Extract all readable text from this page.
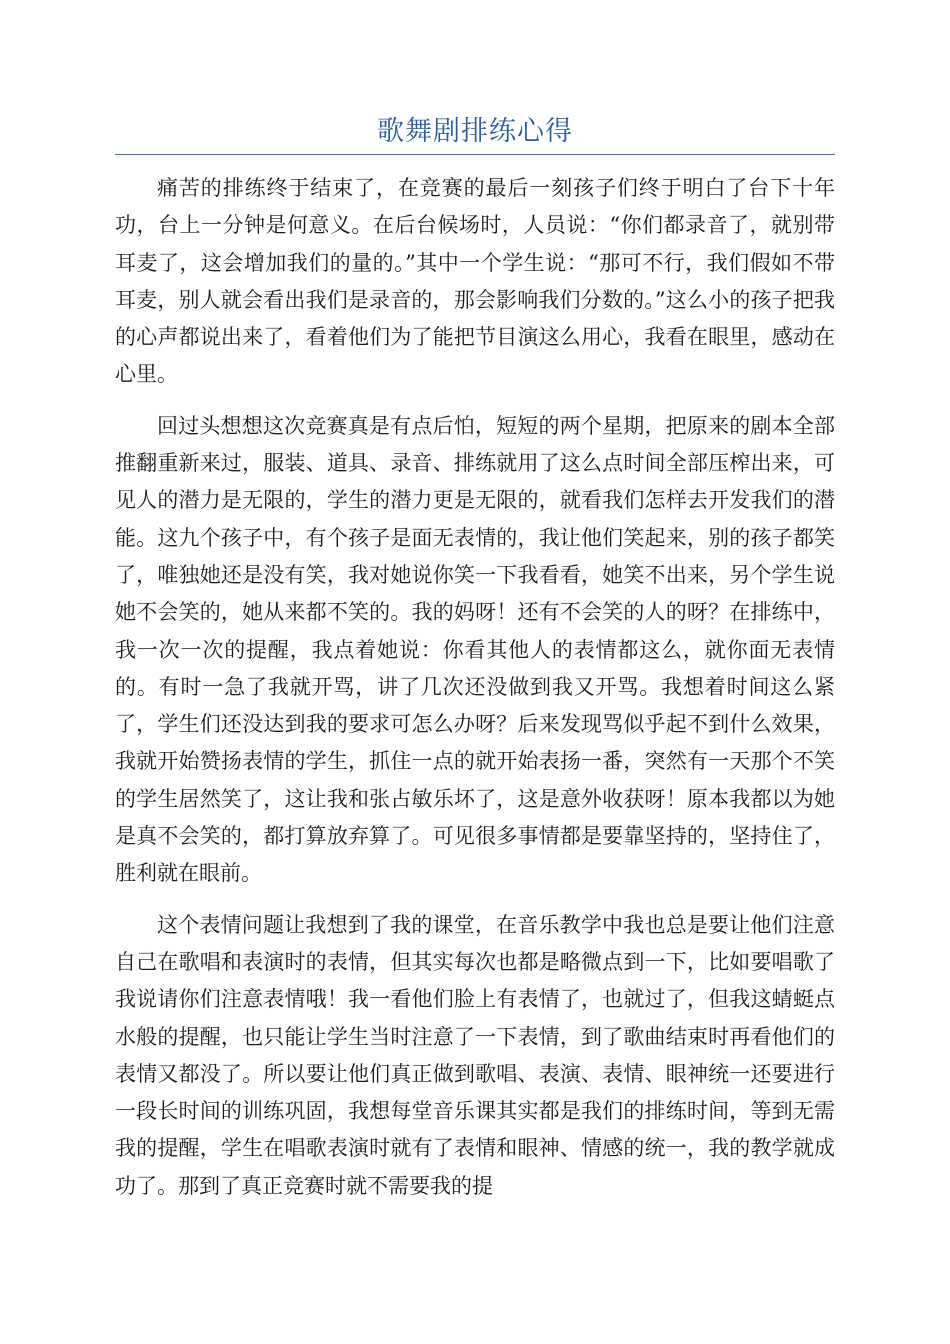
歌舞剧排练心得

痛苦的排练终于结束了，在竞赛的最后一刻孩子们终于明白了台下十年功，台上一分钟是何意义。在后台候场时，人员说：“你们都录音了，就别带耳麦了，这会增加我们的量的。”其中一个学生说：“那可不行，我们假如不带耳麦，别人就会看出我们是录音的，那会影响我们分数的。”这么小的孩子把我的心声都说出来了，看着他们为了能把节目演这么用心，我看在眼里，感动在心里。

回过头想想这次竞赛真是有点后怕，短短的两个星期，把原来的剧本全部推翻重新来过，服装、道具、录音、排练就用了这么点时间全部压榨出来，可见人的潜力是无限的，学生的潜力更是无限的，就看我们怎样去开发我们的潜能。这九个孩子中，有个孩子是面无表情的，我让他们笑起来，别的孩子都笑了，唯独她还是没有笑，我对她说你笑一下我看看，她笑不出来，另个学生说她不会笑的，她从来都不笑的。我的妈呀！还有不会笑的人的呀？在排练中，我一次一次的提醒，我点着她说：你看其他人的表情都这么，就你面无表情的。有时一急了我就开骂，讲了几次还没做到我又开骂。我想着时间这么紧了，学生们还没达到我的要求可怎么办呀？后来发现骂似乎起不到什么效果，我就开始赞扬表情的学生，抓住一点的就开始表扬一番，突然有一天那个不笑的学生居然笑了，这让我和张占敏乐坏了，这是意外收获呀！原本我都以为她是真不会笑的，都打算放弃算了。可见很多事情都是要靠坚持的，坚持住了，胜利就在眼前。

这个表情问题让我想到了我的课堂，在音乐教学中我也总是要让他们注意自己在歌唱和表演时的表情，但其实每次也都是略微点到一下，比如要唱歌了我说请你们注意表情哦！我一看他们脸上有表情了，也就过了，但我这蜻蜓点水般的提醒，也只能让学生当时注意了一下表情，到了歌曲结束时再看他们的表情又都没了。所以要让他们真正做到歌唱、表演、表情、眼神统一还要进行一段长时间的训练巩固，我想每堂音乐课其实都是我们的排练时间，等到无需我的提醒，学生在唱歌表演时就有了表情和眼神、情感的统一，我的教学就成功了。那到了真正竞赛时就不需要我的提
